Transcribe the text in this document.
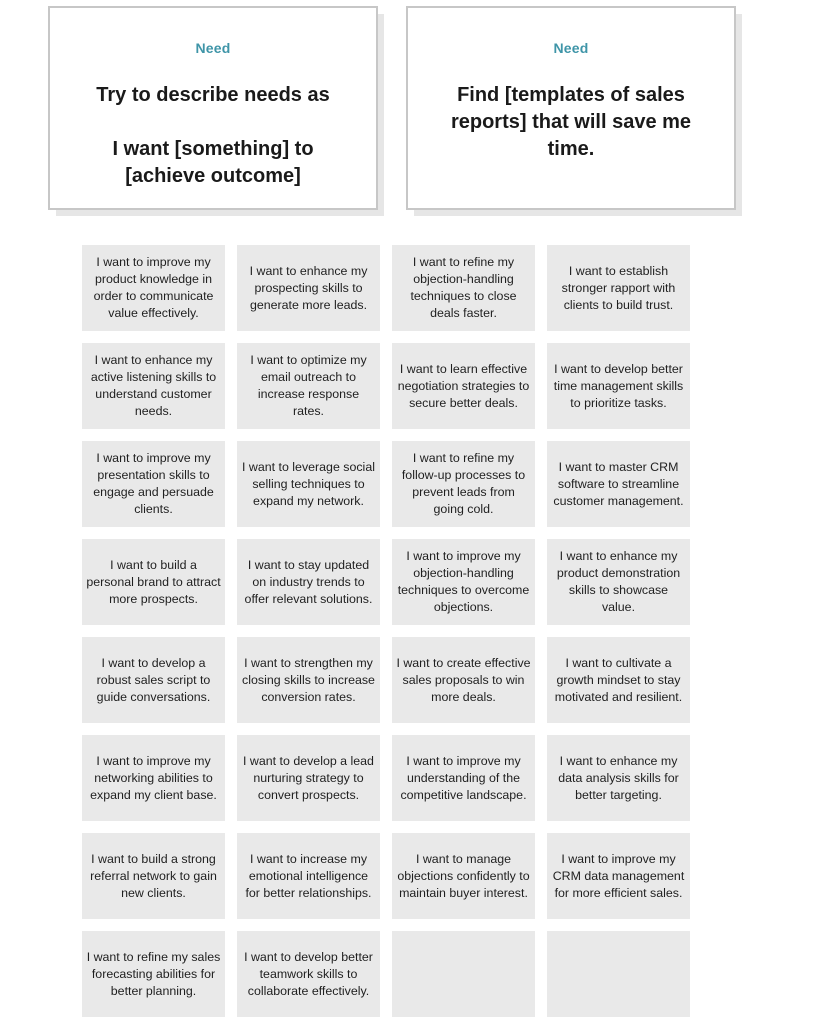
Need
Try to describe needs as
I want [something] to
[achieve outcome]
Need
Find [templates of sales
reports] that will save me
time.
I want to improve my product knowledge in order to communicate value effectively.
I want to enhance my prospecting skills to generate more leads.
I want to refine my objection-handling techniques to close deals faster.
I want to establish stronger rapport with clients to build trust.
I want to enhance my active listening skills to understand customer needs.
I want to optimize my email outreach to increase response rates.
I want to learn effective negotiation strategies to secure better deals.
I want to develop better time management skills to prioritize tasks.
I want to improve my presentation skills to engage and persuade clients.
I want to leverage social selling techniques to expand my network.
I want to refine my follow-up processes to prevent leads from going cold.
I want to master CRM software to streamline customer management.
I want to build a personal brand to attract more prospects.
I want to stay updated on industry trends to offer relevant solutions.
I want to improve my objection-handling techniques to overcome objections.
I want to enhance my product demonstration skills to showcase value.
I want to develop a robust sales script to guide conversations.
I want to strengthen my closing skills to increase conversion rates.
I want to create effective sales proposals to win more deals.
I want to cultivate a growth mindset to stay motivated and resilient.
I want to improve my networking abilities to expand my client base.
I want to develop a lead nurturing strategy to convert prospects.
I want to improve my understanding of the competitive landscape.
I want to enhance my data analysis skills for better targeting.
I want to build a strong referral network to gain new clients.
I want to increase my emotional intelligence for better relationships.
I want to manage objections confidently to maintain buyer interest.
I want to improve my CRM data management for more efficient sales.
I want to refine my sales forecasting abilities for better planning.
I want to develop better teamwork skills to collaborate effectively.
